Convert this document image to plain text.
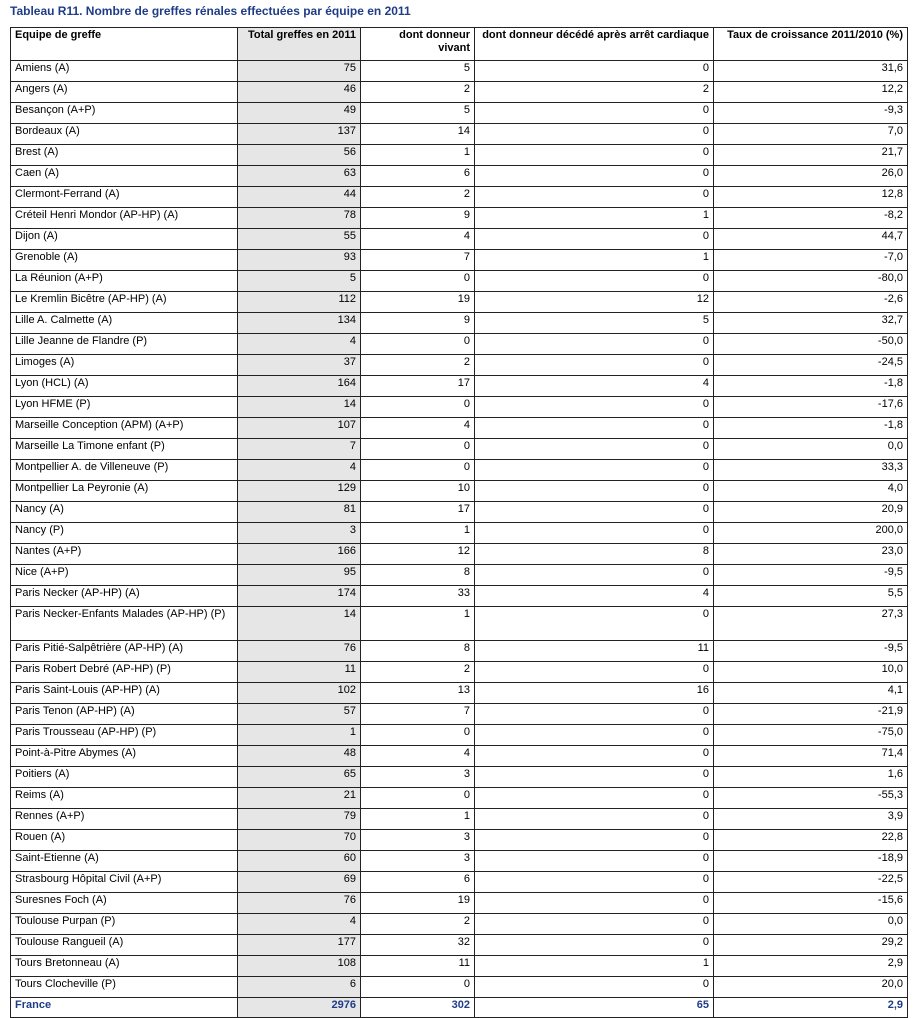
Tableau R11. Nombre de greffes rénales effectuées par équipe en 2011
Equipe de greffe	Total greffes en 2011	dont donneur vivant	dont donneur décédé après arrêt cardiaque	Taux de croissance 2011/2010 (%)
Amiens (A)	75	5	0	31,6
Angers (A)	46	2	2	12,2
Besançon (A+P)	49	5	0	-9,3
Bordeaux (A)	137	14	0	7,0
Brest (A)	56	1	0	21,7
Caen (A)	63	6	0	26,0
Clermont-Ferrand (A)	44	2	0	12,8
Créteil Henri Mondor (AP-HP) (A)	78	9	1	-8,2
Dijon (A)	55	4	0	44,7
Grenoble (A)	93	7	1	-7,0
La Réunion (A+P)	5	0	0	-80,0
Le Kremlin Bicêtre (AP-HP) (A)	112	19	12	-2,6
Lille A. Calmette (A)	134	9	5	32,7
Lille Jeanne de Flandre (P)	4	0	0	-50,0
Limoges (A)	37	2	0	-24,5
Lyon (HCL) (A)	164	17	4	-1,8
Lyon HFME (P)	14	0	0	-17,6
Marseille Conception (APM) (A+P)	107	4	0	-1,8
Marseille La Timone enfant (P)	7	0	0	0,0
Montpellier A. de Villeneuve (P)	4	0	0	33,3
Montpellier La Peyronie (A)	129	10	0	4,0
Nancy (A)	81	17	0	20,9
Nancy (P)	3	1	0	200,0
Nantes (A+P)	166	12	8	23,0
Nice (A+P)	95	8	0	-9,5
Paris Necker (AP-HP) (A)	174	33	4	5,5
Paris Necker-Enfants Malades (AP-HP) (P)	14	1	0	27,3
Paris Pitié-Salpêtrière (AP-HP) (A)	76	8	11	-9,5
Paris Robert Debré (AP-HP) (P)	11	2	0	10,0
Paris Saint-Louis (AP-HP) (A)	102	13	16	4,1
Paris Tenon (AP-HP) (A)	57	7	0	-21,9
Paris Trousseau (AP-HP) (P)	1	0	0	-75,0
Point-à-Pitre Abymes (A)	48	4	0	71,4
Poitiers (A)	65	3	0	1,6
Reims (A)	21	0	0	-55,3
Rennes (A+P)	79	1	0	3,9
Rouen (A)	70	3	0	22,8
Saint-Etienne (A)	60	3	0	-18,9
Strasbourg Hôpital Civil (A+P)	69	6	0	-22,5
Suresnes Foch (A)	76	19	0	-15,6
Toulouse Purpan (P)	4	2	0	0,0
Toulouse Rangueil (A)	177	32	0	29,2
Tours Bretonneau (A)	108	11	1	2,9
Tours Clocheville (P)	6	0	0	20,0
France	2976	302	65	2,9
